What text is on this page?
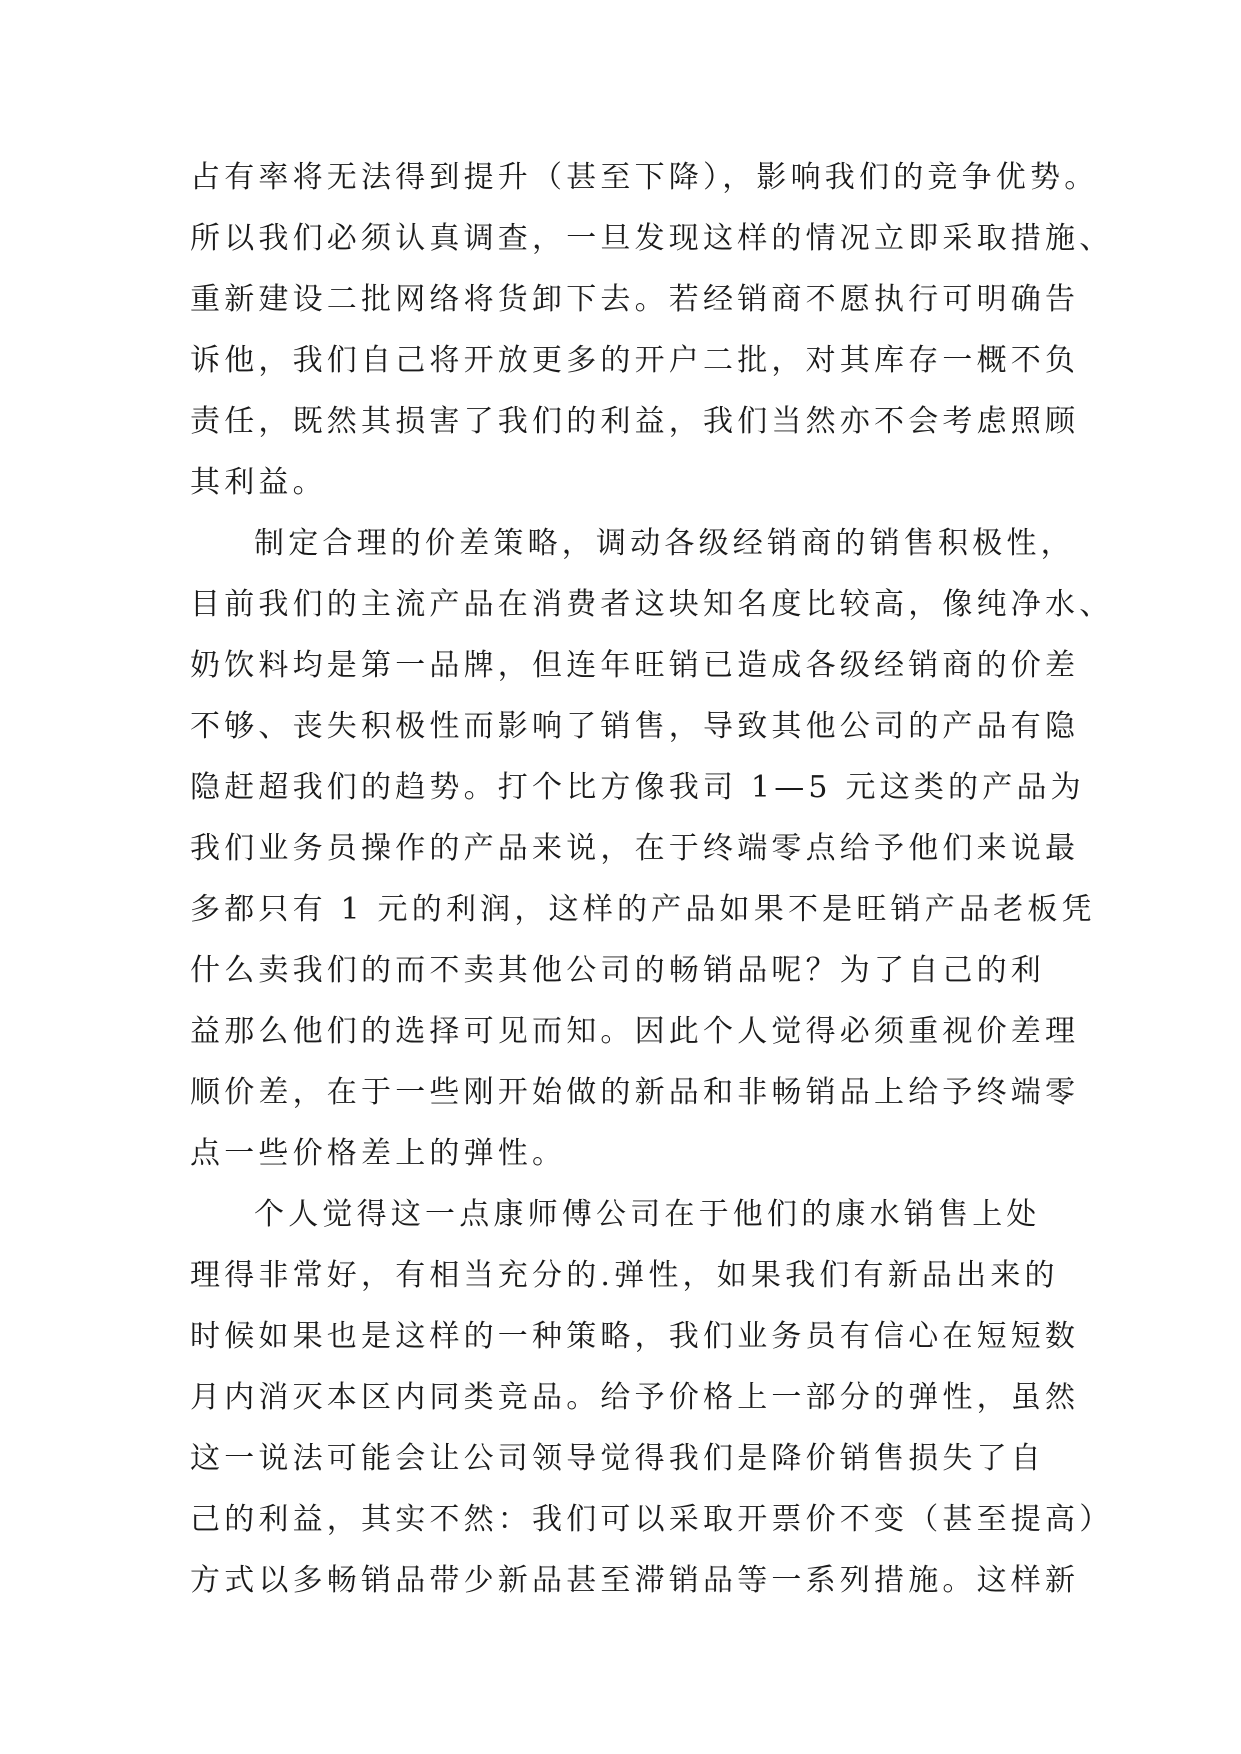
占有率将无法得到提升（甚至下降），影响我们的竞争优势。
所以我们必须认真调查，一旦发现这样的情况立即采取措施、
重新建设二批网络将货卸下去。若经销商不愿执行可明确告
诉他，我们自己将开放更多的开户二批，对其库存一概不负
责任，既然其损害了我们的利益，我们当然亦不会考虑照顾
其利益。
制定合理的价差策略，调动各级经销商的销售积极性，
目前我们的主流产品在消费者这块知名度比较高，像纯净水、
奶饮料均是第一品牌，但连年旺销已造成各级经销商的价差
不够、丧失积极性而影响了销售，导致其他公司的产品有隐
隐赶超我们的趋势。打个比方像我司 1—5 元这类的产品为
我们业务员操作的产品来说，在于终端零点给予他们来说最
多都只有 1 元的利润，这样的产品如果不是旺销产品老板凭
什么卖我们的而不卖其他公司的畅销品呢？为了自己的利
益那么他们的选择可见而知。因此个人觉得必须重视价差理
顺价差，在于一些刚开始做的新品和非畅销品上给予终端零
点一些价格差上的弹性。
个人觉得这一点康师傅公司在于他们的康水销售上处
理得非常好，有相当充分的.弹性，如果我们有新品出来的
时候如果也是这样的一种策略，我们业务员有信心在短短数
月内消灭本区内同类竞品。给予价格上一部分的弹性，虽然
这一说法可能会让公司领导觉得我们是降价销售损失了自
己的利益，其实不然：我们可以采取开票价不变（甚至提高）
方式以多畅销品带少新品甚至滞销品等一系列措施。这样新
